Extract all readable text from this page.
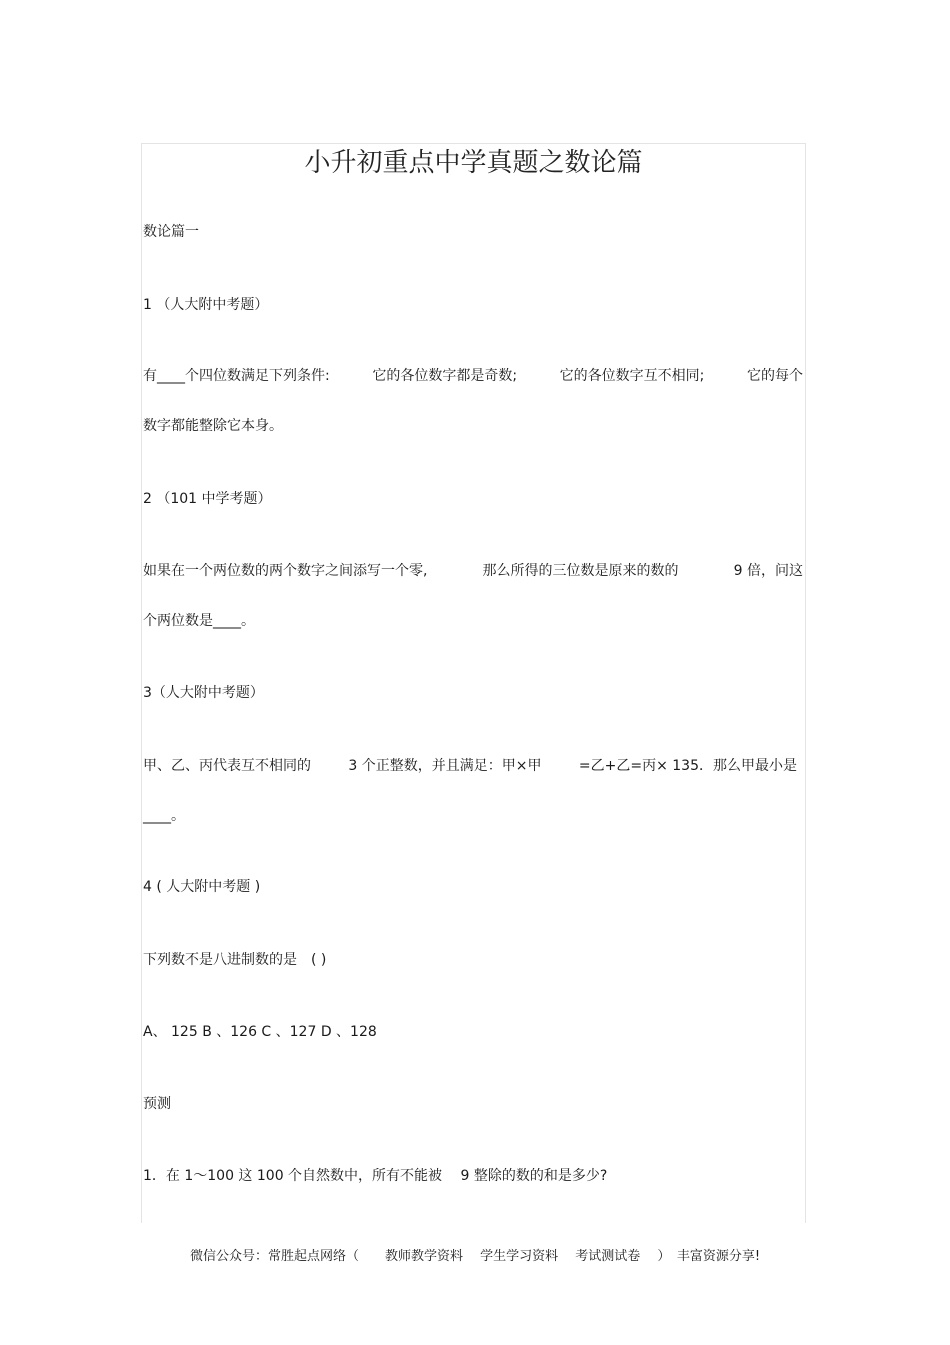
小升初重点中学真题之数论篇
数论篇一
1 （人大附中考题）
有____个四位数满足下列条件:	它的各位数字都是奇数;	它的各位数字互不相同;	它的每个
数字都能整除它本身。
2 （101 中学考题）
如果在一个两位数的两个数字之间添写一个零,	那么所得的三位数是原来的数的	9 倍，问这
个两位数是____。
3（人大附中考题）
甲、乙、丙代表互不相同的	3 个正整数，并且满足：甲×甲	=乙+乙=丙× 135．那么甲最小是
____。
4 ( 人大附中考题 )
下列数不是八进制数的是　( )
A、 125 B 、126 C 、127 D 、128
预测
1．在 1～100 这 100 个自然数中，所有不能被　 9 整除的数的和是多少?
微信公众号：常胜起点网络（　　教师教学资料　 学生学习资料　 考试测试卷　 ）　丰富资源分享!
